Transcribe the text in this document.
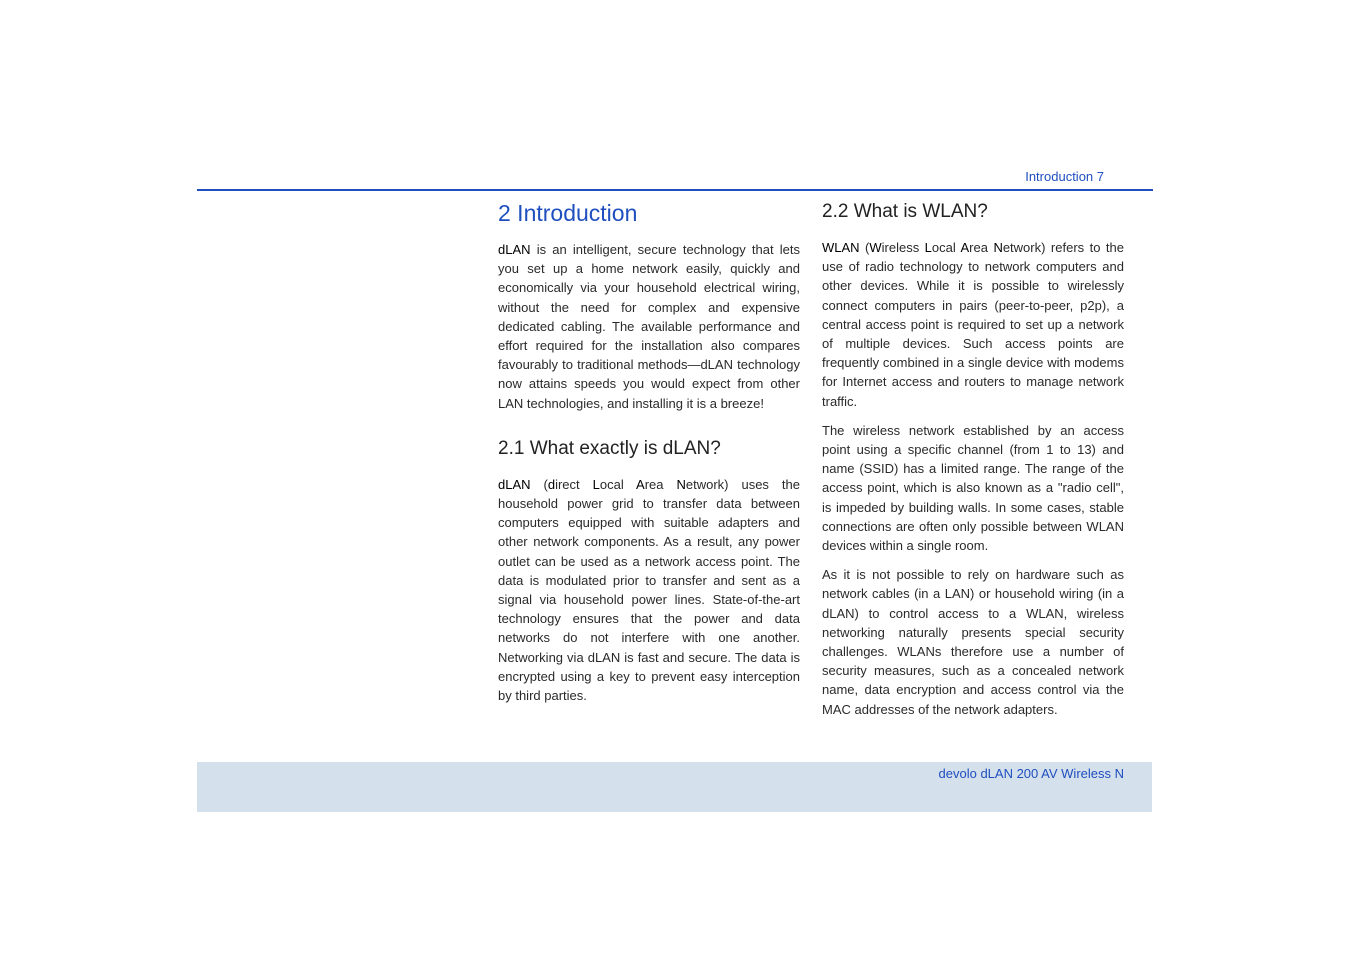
Introduction 7
2 Introduction

dLAN is an intelligent, secure technology that lets you set up a home network easily, quickly and economically via your household electrical wiring, without the need for complex and expensive dedicated cabling. The available performance and effort required for the installation also compares favourably to traditional methods—dLAN technology now attains speeds you would expect from other LAN technologies, and installing it is a breeze!

2.1 What exactly is dLAN?

dLAN (direct Local Area Network) uses the household power grid to transfer data between computers equipped with suitable adapters and other network components. As a result, any power outlet can be used as a network access point. The data is modulated prior to transfer and sent as a signal via household power lines. State-of-the-art technology ensures that the power and data networks do not interfere with one another. Networking via dLAN is fast and secure. The data is encrypted using a key to prevent easy interception by third parties.

2.2 What is WLAN?

WLAN (Wireless Local Area Network) refers to the use of radio technology to network computers and other devices. While it is possible to wirelessly connect computers in pairs (peer-to-peer, p2p), a central access point is required to set up a network of multiple devices. Such access points are frequently combined in a single device with modems for Internet access and routers to manage network traffic.

The wireless network established by an access point using a specific channel (from 1 to 13) and name (SSID) has a limited range. The range of the access point, which is also known as a "radio cell", is impeded by building walls. In some cases, stable connections are often only possible between WLAN devices within a single room.

As it is not possible to rely on hardware such as network cables (in a LAN) or household wiring (in a dLAN) to control access to a WLAN, wireless networking naturally presents special security challenges. WLANs therefore use a number of security measures, such as a concealed network name, data encryption and access control via the MAC addresses of the network adapters.

devolo dLAN 200 AV Wireless N
